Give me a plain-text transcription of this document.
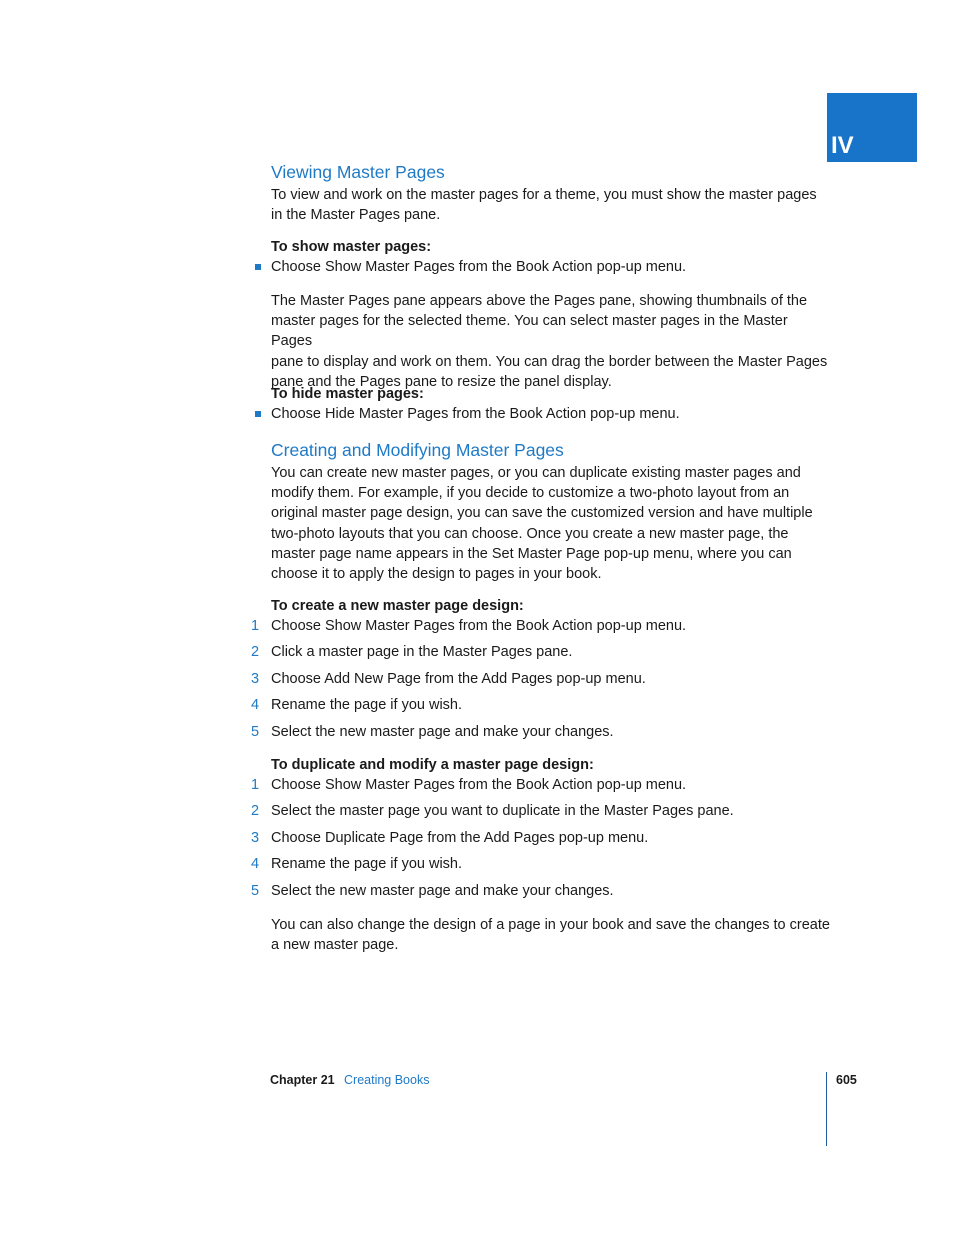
IV
Viewing Master Pages
To view and work on the master pages for a theme, you must show the master pages
in the Master Pages pane.
To show master pages:
Choose Show Master Pages from the Book Action pop-up menu.
The Master Pages pane appears above the Pages pane, showing thumbnails of the
master pages for the selected theme. You can select master pages in the Master Pages
pane to display and work on them. You can drag the border between the Master Pages
pane and the Pages pane to resize the panel display.
To hide master pages:
Choose Hide Master Pages from the Book Action pop-up menu.
Creating and Modifying Master Pages
You can create new master pages, or you can duplicate existing master pages and
modify them. For example, if you decide to customize a two-photo layout from an
original master page design, you can save the customized version and have multiple
two-photo layouts that you can choose. Once you create a new master page, the
master page name appears in the Set Master Page pop-up menu, where you can
choose it to apply the design to pages in your book.
To create a new master page design:
1 Choose Show Master Pages from the Book Action pop-up menu.
2 Click a master page in the Master Pages pane.
3 Choose Add New Page from the Add Pages pop-up menu.
4 Rename the page if you wish.
5 Select the new master page and make your changes.
To duplicate and modify a master page design:
1 Choose Show Master Pages from the Book Action pop-up menu.
2 Select the master page you want to duplicate in the Master Pages pane.
3 Choose Duplicate Page from the Add Pages pop-up menu.
4 Rename the page if you wish.
5 Select the new master page and make your changes.
You can also change the design of a page in your book and save the changes to create
a new master page.
Chapter 21 Creating Books	605
